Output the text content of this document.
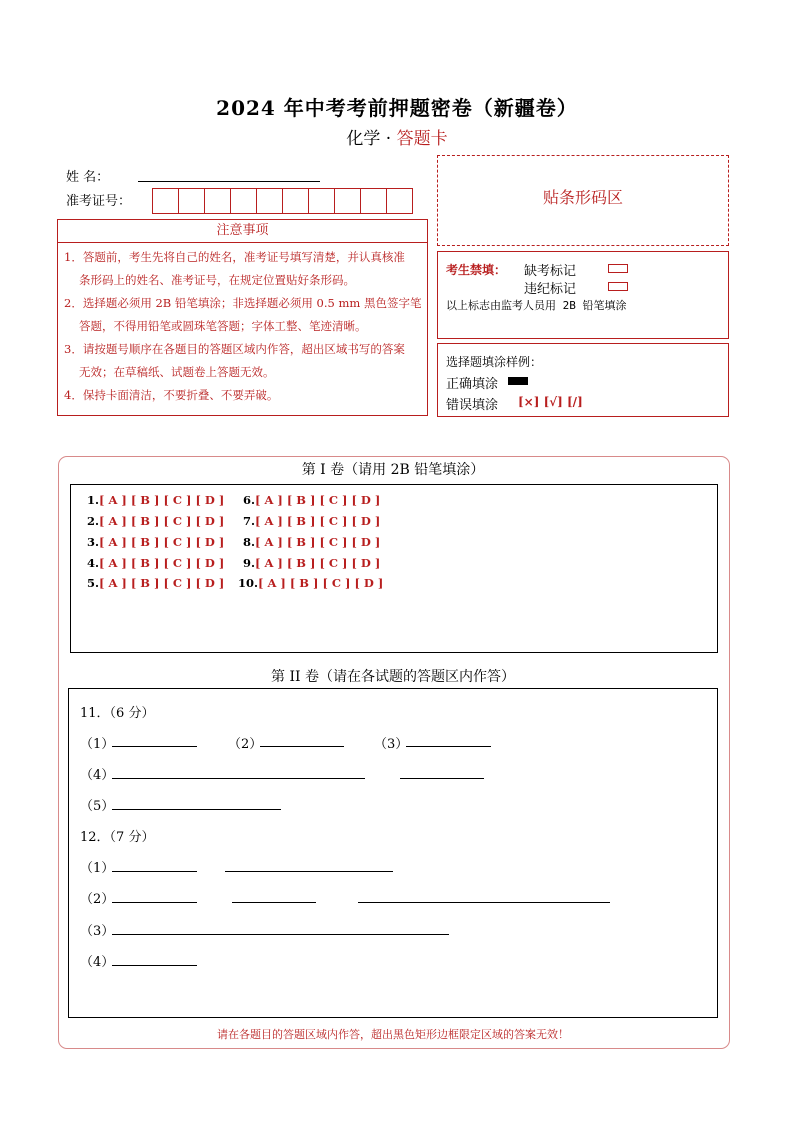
2024 年中考考前押题密卷（新疆卷）
化学 · 答题卡
姓 名：
准考证号：
注意事项

1．答题前，考生先将自己的姓名，准考证号填写清楚，并认真核准

条形码上的姓名、准考证号，在规定位置贴好条形码。

2．选择题必须用 2B 铅笔填涂；非选择题必须用 0.5 mm 黑色签字笔

答题，不得用铅笔或圆珠笔答题；字体工整、笔迹清晰。

3．请按题号顺序在各题目的答题区域内作答，超出区域书写的答案

无效；在草稿纸、试题卷上答题无效。

4．保持卡面清洁，不要折叠、不要弄破。

贴条形码区
考生禁填： 缺考标记
违纪标记
以上标志由监考人员用 2B 铅笔填涂
选择题填涂样例：
正确填涂
错误填涂 [×] [√] [/]
第 I 卷（请用 2B 铅笔填涂）
1.[ A ] [ B ] [ C ] [ D ]
2.[ A ] [ B ] [ C ] [ D ]
3.[ A ] [ B ] [ C ] [ D ]
4.[ A ] [ B ] [ C ] [ D ]
5.[ A ] [ B ] [ C ] [ D ]
6.[ A ] [ B ] [ C ] [ D ]
7.[ A ] [ B ] [ C ] [ D ]
8.[ A ] [ B ] [ C ] [ D ]
9.[ A ] [ B ] [ C ] [ D ]
10.[ A ] [ B ] [ C ] [ D ]
第 II 卷（请在各试题的答题区内作答）
11．（6 分）
（1）	（2）	（3）
（4）
（5）
12．（7 分）
（1）
（2）
（3）
（4）
请在各题目的答题区域内作答，超出黑色矩形边框限定区域的答案无效！
